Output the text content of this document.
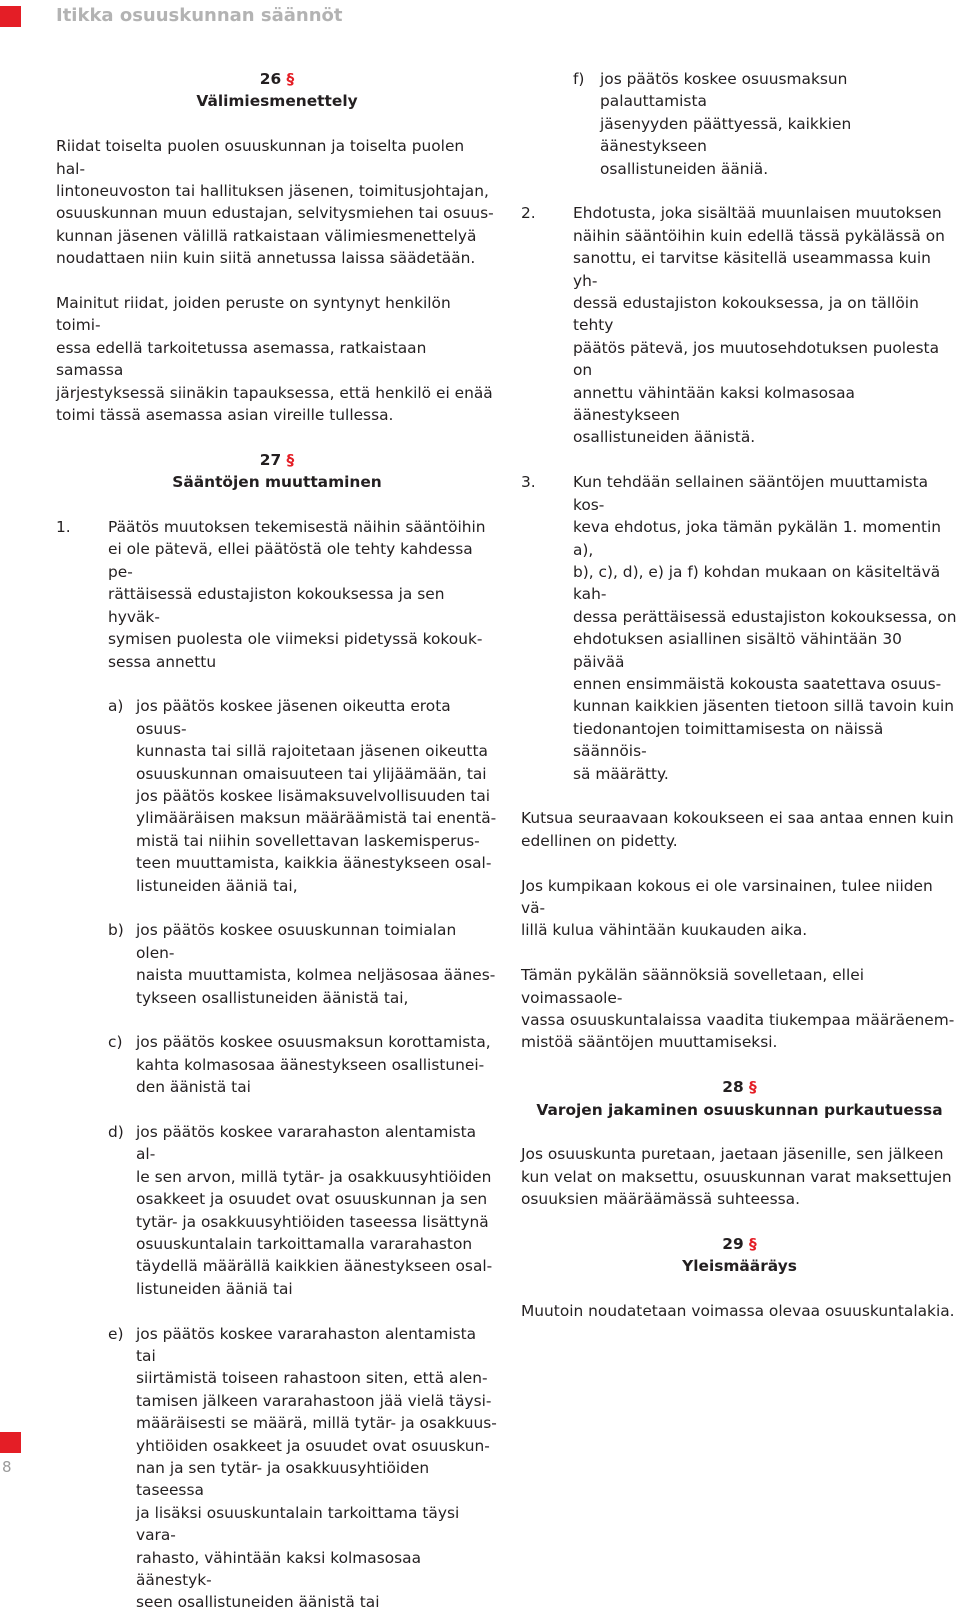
Itikka osuuskunnan säännöt
26 §
Välimiesmenettely

Riidat toiselta puolen osuuskunnan ja toiselta puolen hal-
lintoneuvoston tai hallituksen jäsenen, toimitusjohtajan,
osuuskunnan muun edustajan, selvitysmiehen tai osuus-
kunnan jäsenen välillä ratkaistaan välimiesmenettelyä
noudattaen niin kuin siitä annetussa laissa säädetään.

Mainitut riidat, joiden peruste on syntynyt henkilön toimi-
essa edellä tarkoitetussa asemassa, ratkaistaan samassa
järjestyksessä siinäkin tapauksessa, että henkilö ei enää
toimi tässä asemassa asian vireille tullessa.

27 §
Sääntöjen muuttaminen
1. Päätös muutoksen tekemisestä näihin sääntöihin
ei ole pätevä, ellei päätöstä ole tehty kahdessa pe-
rättäisessä edustajiston kokouksessa ja sen hyväk-
symisen puolesta ole viimeksi pidetyssä kokouk-
sessa annettu

a) jos päätös koskee jäsenen oikeutta erota osuus-
kunnasta tai sillä rajoitetaan jäsenen oikeutta
osuuskunnan omaisuuteen tai ylijäämään, tai
jos päätös koskee lisämaksuvelvollisuuden tai
ylimääräisen maksun määräämistä tai enentä-
mistä tai niihin sovellettavan laskemisperus-
teen muuttamista, kaikkia äänestykseen osal-
listuneiden ääniä tai,

b) jos päätös koskee osuuskunnan toimialan olen-
naista muuttamista, kolmea neljäsosaa äänes-
tykseen osallistuneiden äänistä tai,

c) jos päätös koskee osuusmaksun korottamista,
kahta kolmasosaa äänestykseen osallistunei-
den äänistä tai

d) jos päätös koskee vararahaston alentamista al-
le sen arvon, millä tytär- ja osakkuusyhtiöiden
osakkeet ja osuudet ovat osuuskunnan ja sen
tytär- ja osakkuusyhtiöiden taseessa lisättynä
osuuskuntalain tarkoittamalla vararahaston
täydellä määrällä kaikkien äänestykseen osal-
listuneiden ääniä tai

e) jos päätös koskee vararahaston alentamista tai
siirtämistä toiseen rahastoon siten, että alen-
tamisen jälkeen vararahastoon jää vielä täysi-
määräisesti se määrä, millä tytär- ja osakkuus-
yhtiöiden osakkeet ja osuudet ovat osuuskun-
nan ja sen tytär- ja osakkuusyhtiöiden taseessa
ja lisäksi osuuskuntalain tarkoittama täysi vara-
rahasto, vähintään kaksi kolmasosaa äänestyk-
seen osallistuneiden äänistä tai

f) jos päätös koskee osuusmaksun palauttamista
jäsenyyden päättyessä, kaikkien äänestykseen
osallistuneiden ääniä.

2. Ehdotusta, joka sisältää muunlaisen muutoksen
näihin sääntöihin kuin edellä tässä pykälässä on
sanottu, ei tarvitse käsitellä useammassa kuin yh-
dessä edustajiston kokouksessa, ja on tällöin tehty
päätös pätevä, jos muutosehdotuksen puolesta on
annettu vähintään kaksi kolmasosaa äänestykseen
osallistuneiden äänistä.

3. Kun tehdään sellainen sääntöjen muuttamista kos-
keva ehdotus, joka tämän pykälän 1. momentin a),
b), c), d), e) ja f) kohdan mukaan on käsiteltävä kah-
dessa perättäisessä edustajiston kokouksessa, on
ehdotuksen asiallinen sisältö vähintään 30 päivää
ennen ensimmäistä kokousta saatettava osuus-
kunnan kaikkien jäsenten tietoon sillä tavoin kuin
tiedonantojen toimittamisesta on näissä säännöis-
sä määrätty.

Kutsua seuraavaan kokoukseen ei saa antaa ennen kuin
edellinen on pidetty.

Jos kumpikaan kokous ei ole varsinainen, tulee niiden vä-
lillä kulua vähintään kuukauden aika.

Tämän pykälän säännöksiä sovelletaan, ellei voimassaole-
vassa osuuskuntalaissa vaadita tiukempaa määräenem-
mistöä sääntöjen muuttamiseksi.

28 §
Varojen jakaminen osuuskunnan purkautuessa

Jos osuuskunta puretaan, jaetaan jäsenille, sen jälkeen
kun velat on maksettu, osuuskunnan varat maksettujen
osuuksien määräämässä suhteessa.

29 §
Yleismääräys

Muutoin noudatetaan voimassa olevaa osuuskuntalakia.

8
